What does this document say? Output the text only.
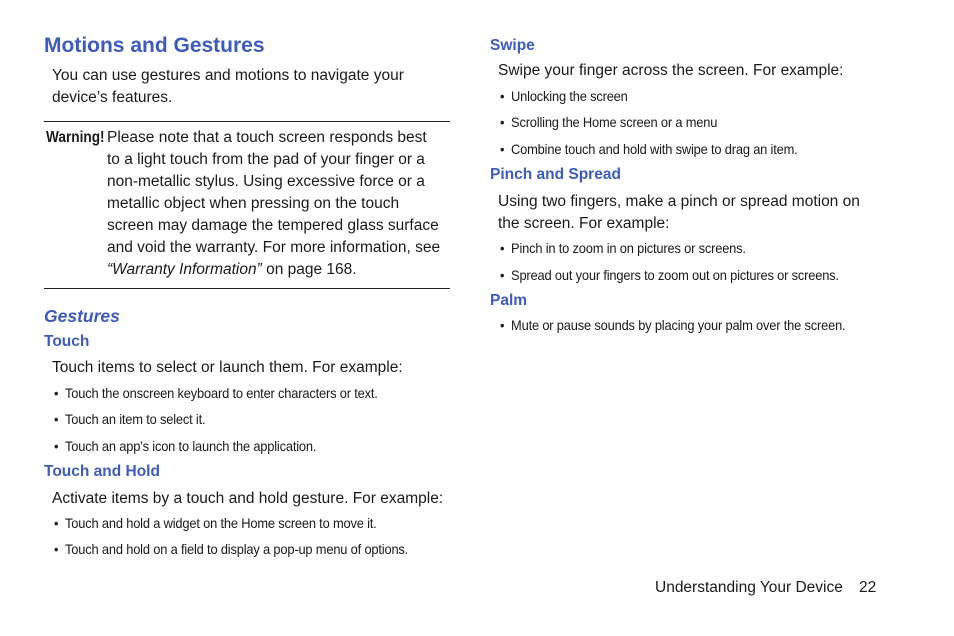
Motions and Gestures

You can use gestures and motions to navigate your device’s features.

Warning! Please note that a touch screen responds best to a light touch from the pad of your finger or a non-metallic stylus. Using excessive force or a metallic object when pressing on the touch screen may damage the tempered glass surface and void the warranty. For more information, see “Warranty Information” on page 168.
Gestures
Touch

Touch items to select or launch them. For example:

• Touch the onscreen keyboard to enter characters or text.
• Touch an item to select it.
• Touch an app’s icon to launch the application.
Touch and Hold

Activate items by a touch and hold gesture. For example:

• Touch and hold a widget on the Home screen to move it.
• Touch and hold on a field to display a pop-up menu of options.
Swipe

Swipe your finger across the screen. For example:

• Unlocking the screen
• Scrolling the Home screen or a menu
• Combine touch and hold with swipe to drag an item.
Pinch and Spread

Using two fingers, make a pinch or spread motion on the screen. For example:

• Pinch in to zoom in on pictures or screens.
• Spread out your fingers to zoom out on pictures or screens.
Palm
• Mute or pause sounds by placing your palm over the screen.
Understanding Your Device 22
